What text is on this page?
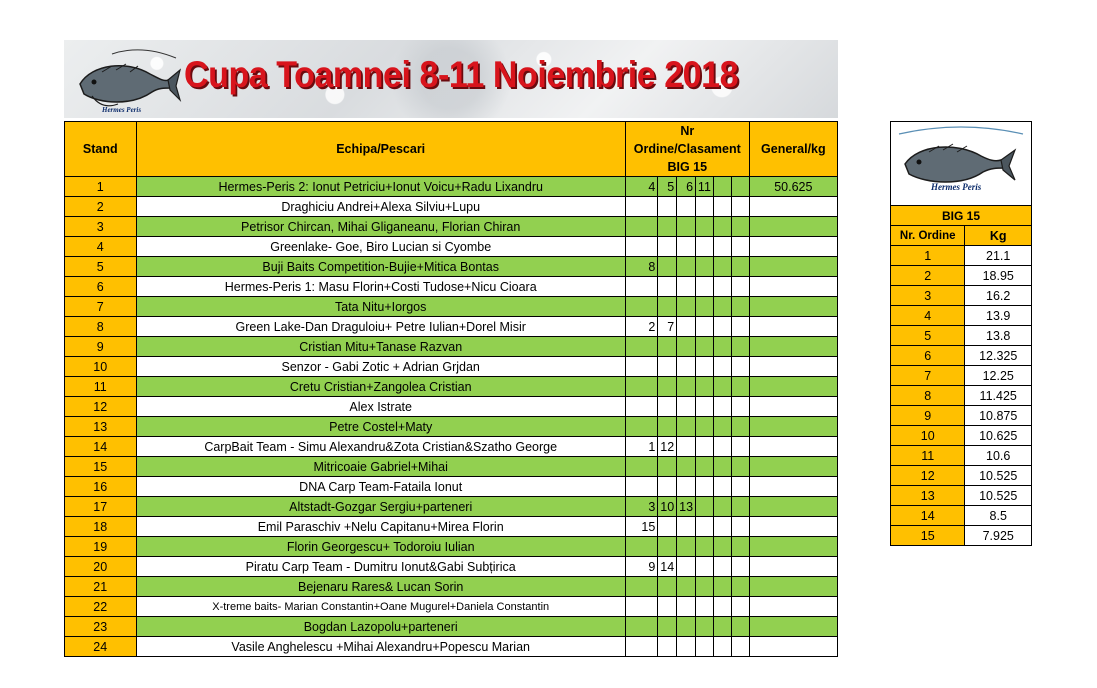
Hermes Peris
Cupa Toamnei 8-11 Noiembrie 2018
Stand	Echipa/Pescari	Nr Ordine/Clasament BIG 15						General/kg
1	Hermes-Peris 2: Ionut Petriciu+Ionut Voicu+Radu Lixandru	4	5	6	11			50.625
2	Draghiciu Andrei+Alexa Silviu+Lupu							
3	Petrisor Chircan, Mihai Gliganeanu, Florian Chiran							
4	Greenlake- Goe, Biro Lucian si Cyombe							
5	Buji Baits Competition-Bujie+Mitica Bontas	8						
6	Hermes-Peris 1: Masu Florin+Costi Tudose+Nicu Cioara							
7	Tata Nitu+Iorgos							
8	Green Lake-Dan Draguloiu+ Petre Iulian+Dorel Misir	2	7					
9	Cristian Mitu+Tanase Razvan							
10	Senzor - Gabi Zotic + Adrian Grjdan							
11	Cretu Cristian+Zangolea Cristian							
12	Alex Istrate							
13	Petre Costel+Maty							
14	CarpBait Team - Simu Alexandru&Zota Cristian&Szatho George	1	12					
15	Mitricoaie Gabriel+Mihai							
16	DNA Carp Team-Fataila Ionut							
17	Altstadt-Gozgar Sergiu+parteneri	3	10	13				
18	Emil Paraschiv +Nelu Capitanu+Mirea Florin	15						
19	Florin Georgescu+ Todoroiu Iulian							
20	Piratu Carp Team - Dumitru Ionut&Gabi Subțirica	9	14					
21	Bejenaru Rares& Lucan Sorin							
22	X-treme baits- Marian Constantin+Oane Mugurel+Daniela Constantin							
23	Bogdan Lazopolu+parteneri							
24	Vasile Anghelescu +Mihai Alexandru+Popescu Marian							
Hermes Peris	

BIG 15	
Nr. Ordine	Kg
1	21.1
2	18.95
3	16.2
4	13.9
5	13.8
6	12.325
7	12.25
8	11.425
9	10.875
10	10.625
11	10.6
12	10.525
13	10.525
14	8.5
15	7.925
